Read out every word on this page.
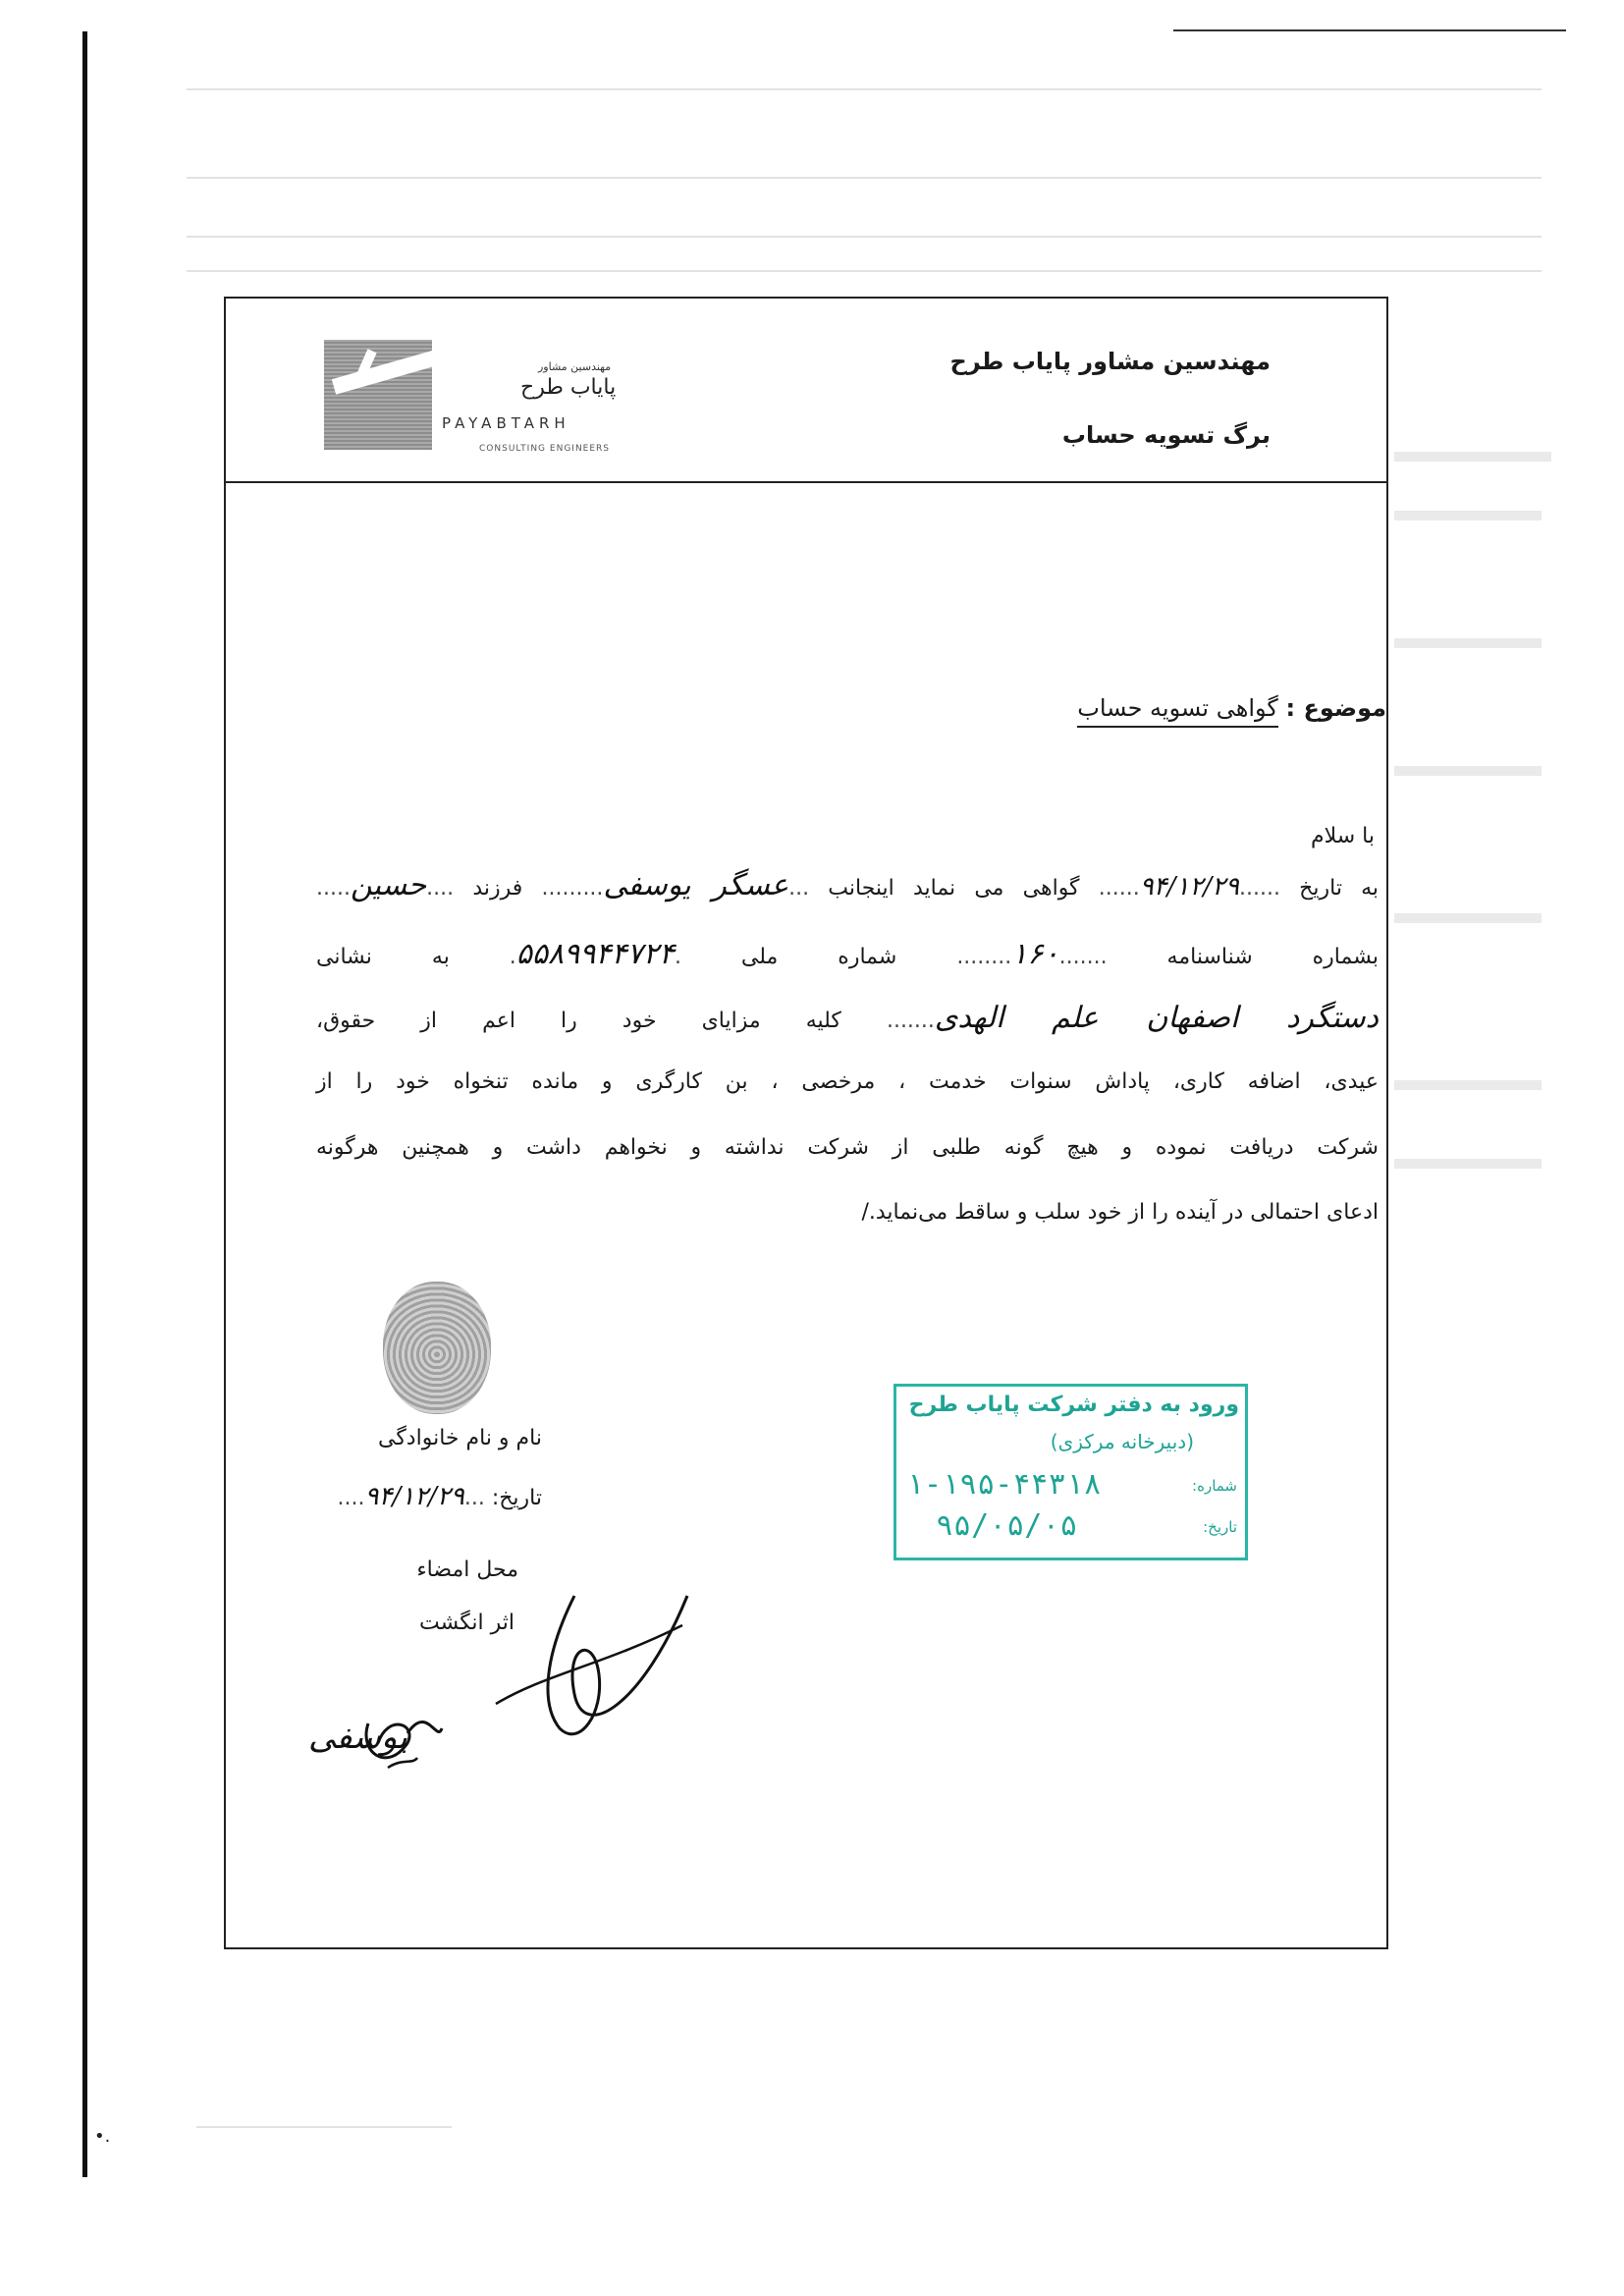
مهندسین مشاور پایاب طرح
برگ تسویه حساب
مهندسین مشاور
پایاب طرح
PAYABTARH
CONSULTING ENGINEERS
موضوع : گواهی تسویه حساب
با سلام
به تاریخ ......۹۴/۱۲/۲۹...... گواهی می نماید اینجانب ...عسگر یوسفی......... فرزند ....حسین.....
بشماره شناسنامه .......۱۶۰........ شماره ملی .۵۵۸۹۹۴۴۷۲۴. به نشانی
دستگرد اصفهان علم الهدی....... کلیه مزایای خود را اعم از حقوق،
عیدی، اضافه کاری، پاداش سنوات خدمت ، مرخصی ، بن کارگری و مانده تنخواه خود را از
شرکت دریافت نموده و هیچ گونه طلبی از شرکت نداشته و نخواهم داشت و همچنین هرگونه
ادعای احتمالی در آینده را از خود سلب و ساقط می‌نماید./
نام و نام خانوادگی
تاریخ: ...۹۴/۱۲/۲۹....
محل امضاء
اثر انگشت
ورود به دفتر شرکت پایاب طرح
(دبیرخانه مرکزی)
شماره:
۱-۱۹۵-۴۴۳۱۸
تاریخ:
۹۵/۰۵/۰۵
یوسفی
•.
